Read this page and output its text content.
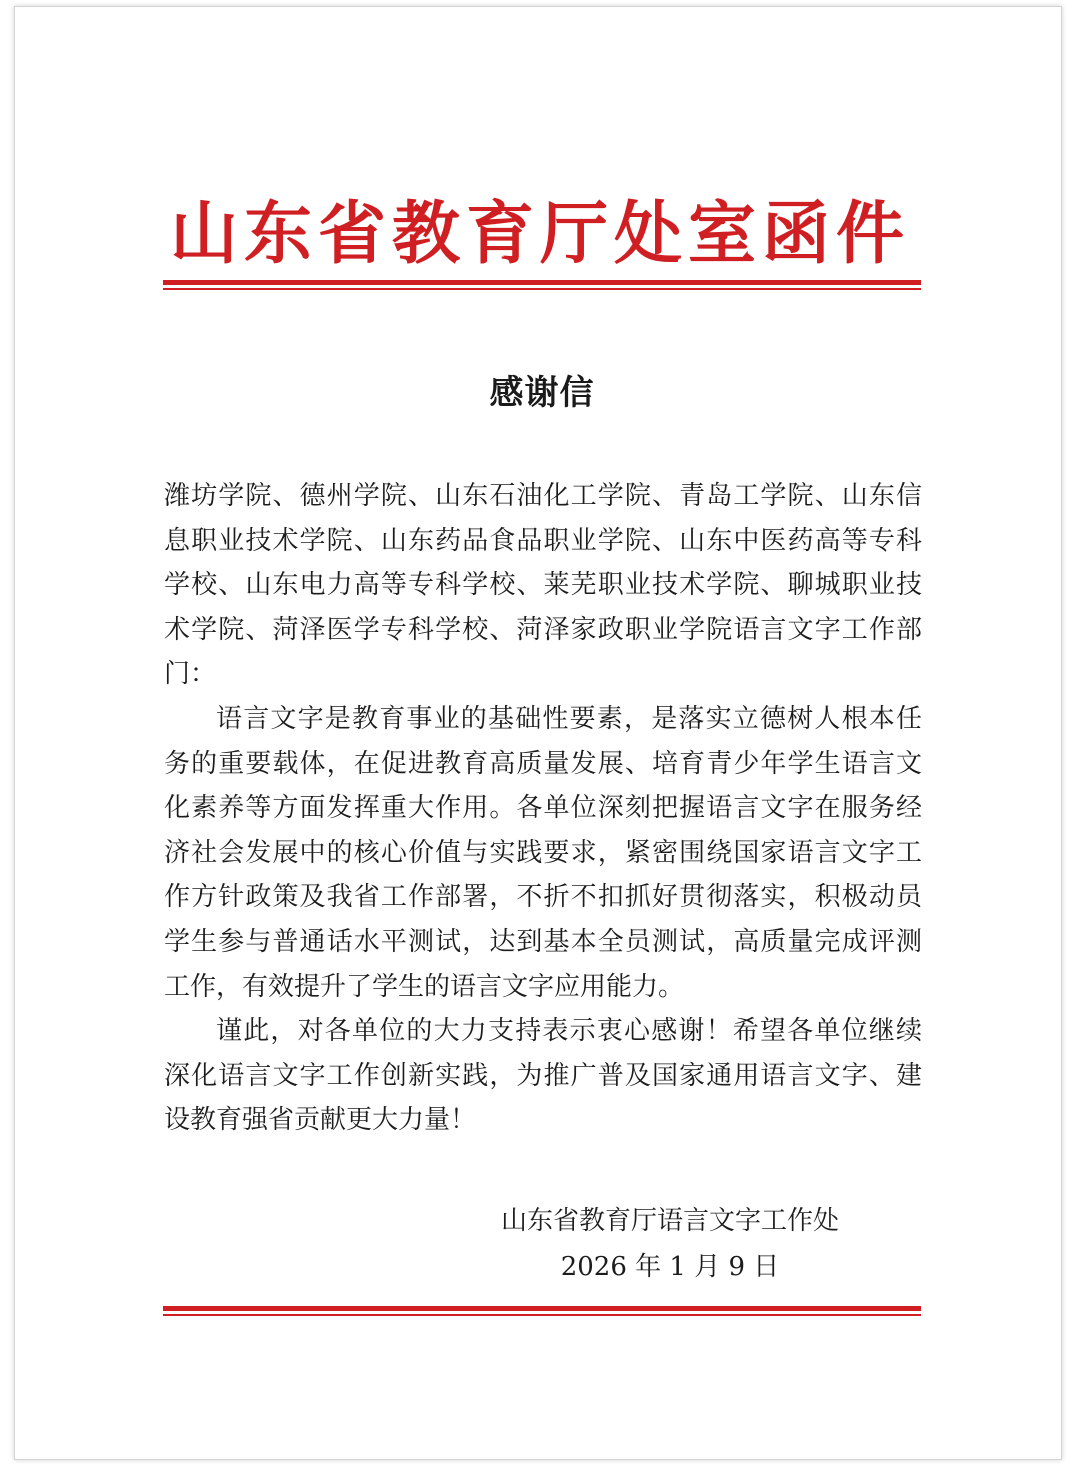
山东省教育厅处室函件
感谢信
潍坊学院、德州学院、山东石油化工学院、青岛工学院、山东信
息职业技术学院、山东药品食品职业学院、山东中医药高等专科
学校、山东电力高等专科学校、莱芜职业技术学院、聊城职业技
术学院、菏泽医学专科学校、菏泽家政职业学院语言文字工作部
门：
语言文字是教育事业的基础性要素，是落实立德树人根本任
务的重要载体，在促进教育高质量发展、培育青少年学生语言文
化素养等方面发挥重大作用。各单位深刻把握语言文字在服务经
济社会发展中的核心价值与实践要求，紧密围绕国家语言文字工
作方针政策及我省工作部署，不折不扣抓好贯彻落实，积极动员
学生参与普通话水平测试，达到基本全员测试，高质量完成评测
工作，有效提升了学生的语言文字应用能力。
谨此，对各单位的大力支持表示衷心感谢！希望各单位继续
深化语言文字工作创新实践，为推广普及国家通用语言文字、建
设教育强省贡献更大力量！
山东省教育厅语言文字工作处
2026 年 1 月 9 日
